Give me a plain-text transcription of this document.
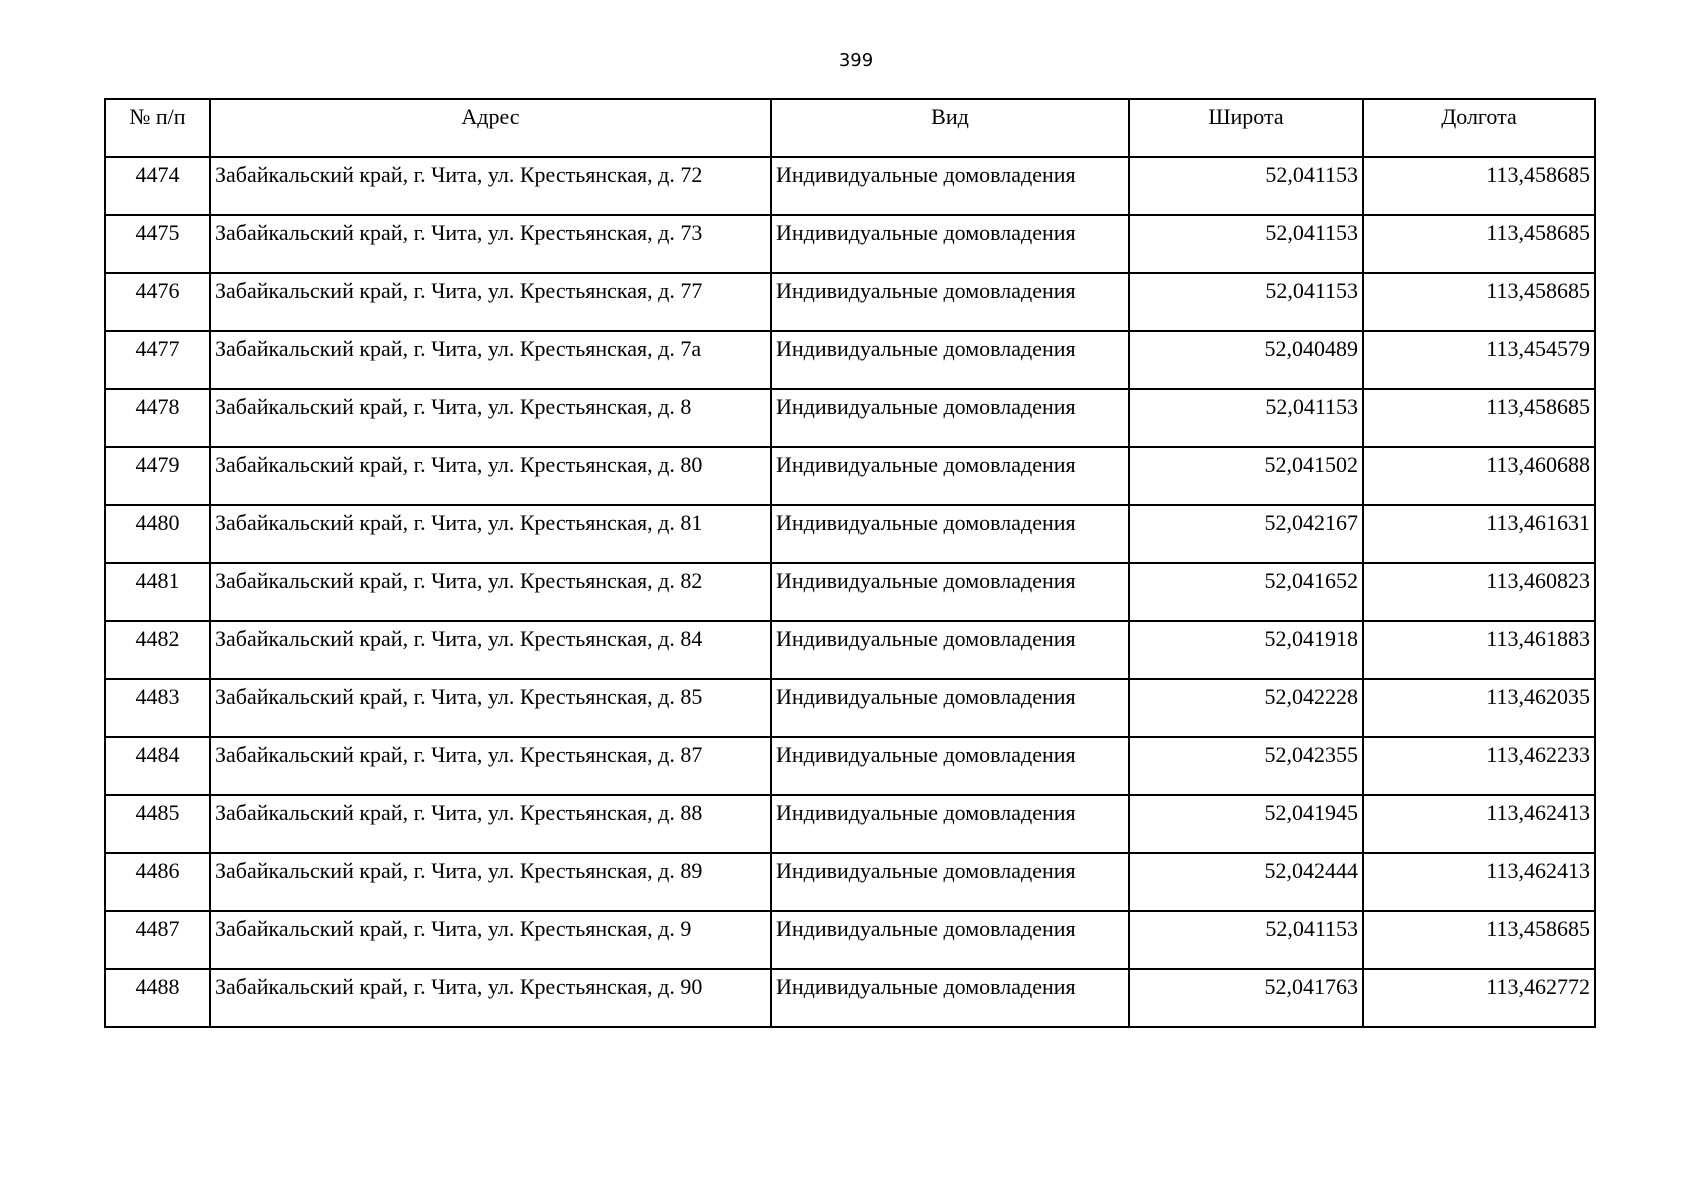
399
№ п/п	Адрес	Вид	Широта	Долгота
4474	Забайкальский край, г. Чита, ул. Крестьянская, д. 72	Индивидуальные домовладения	52,041153	113,458685
4475	Забайкальский край, г. Чита, ул. Крестьянская, д. 73	Индивидуальные домовладения	52,041153	113,458685
4476	Забайкальский край, г. Чита, ул. Крестьянская, д. 77	Индивидуальные домовладения	52,041153	113,458685
4477	Забайкальский край, г. Чита, ул. Крестьянская, д. 7а	Индивидуальные домовладения	52,040489	113,454579
4478	Забайкальский край, г. Чита, ул. Крестьянская, д. 8	Индивидуальные домовладения	52,041153	113,458685
4479	Забайкальский край, г. Чита, ул. Крестьянская, д. 80	Индивидуальные домовладения	52,041502	113,460688
4480	Забайкальский край, г. Чита, ул. Крестьянская, д. 81	Индивидуальные домовладения	52,042167	113,461631
4481	Забайкальский край, г. Чита, ул. Крестьянская, д. 82	Индивидуальные домовладения	52,041652	113,460823
4482	Забайкальский край, г. Чита, ул. Крестьянская, д. 84	Индивидуальные домовладения	52,041918	113,461883
4483	Забайкальский край, г. Чита, ул. Крестьянская, д. 85	Индивидуальные домовладения	52,042228	113,462035
4484	Забайкальский край, г. Чита, ул. Крестьянская, д. 87	Индивидуальные домовладения	52,042355	113,462233
4485	Забайкальский край, г. Чита, ул. Крестьянская, д. 88	Индивидуальные домовладения	52,041945	113,462413
4486	Забайкальский край, г. Чита, ул. Крестьянская, д. 89	Индивидуальные домовладения	52,042444	113,462413
4487	Забайкальский край, г. Чита, ул. Крестьянская, д. 9	Индивидуальные домовладения	52,041153	113,458685
4488	Забайкальский край, г. Чита, ул. Крестьянская, д. 90	Индивидуальные домовладения	52,041763	113,462772
